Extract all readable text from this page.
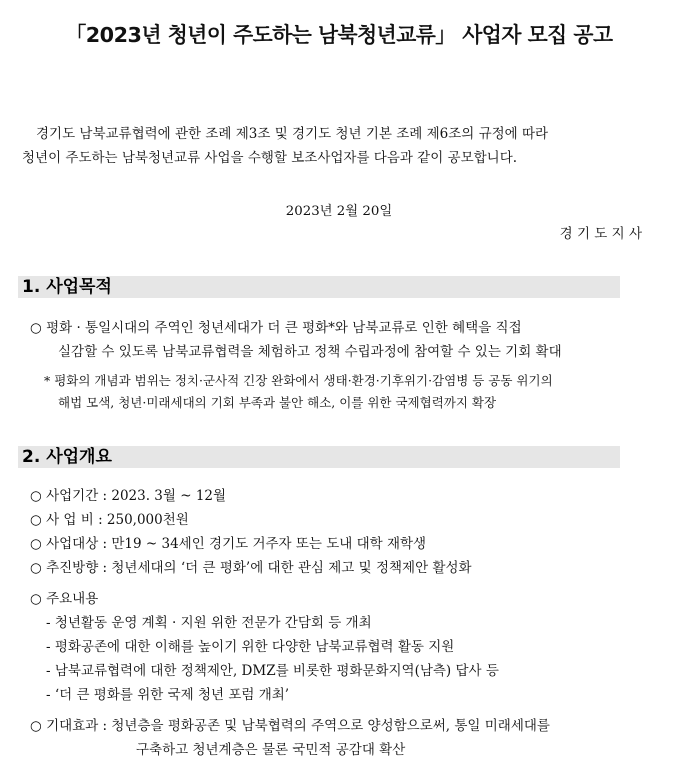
「2023년 청년이 주도하는 남북청년교류」 사업자 모집 공고
경기도 남북교류협력에 관한 조례 제3조 및 경기도 청년 기본 조례 제6조의 규정에 따라
청년이 주도하는 남북청년교류 사업을 수행할 보조사업자를 다음과 같이 공모합니다.
2023년 2월 20일
경 기 도 지 사
1. 사업목적
○ 평화 · 통일시대의 주역인 청년세대가 더 큰 평화*와 남북교류로 인한 혜택을 직접
실감할 수 있도록 남북교류협력을 체험하고 정책 수립과정에 참여할 수 있는 기회 확대
* 평화의 개념과 범위는 정치·군사적 긴장 완화에서 생태·환경·기후위기·감염병 등 공동 위기의
해법 모색, 청년·미래세대의 기회 부족과 불안 해소, 이를 위한 국제협력까지 확장
2. 사업개요
○ 사업기간 : 2023. 3월 ~ 12월
○ 사 업 비 : 250,000천원
○ 사업대상 : 만19 ~ 34세인 경기도 거주자 또는 도내 대학 재학생
○ 추진방향 : 청년세대의 ‘더 큰 평화’에 대한 관심 제고 및 정책제안 활성화
○ 주요내용
- 청년활동 운영 계획 · 지원 위한 전문가 간담회 등 개최
- 평화공존에 대한 이해를 높이기 위한 다양한 남북교류협력 활동 지원
- 남북교류협력에 대한 정책제안, DMZ를 비롯한 평화문화지역(남측) 답사 등
- ‘더 큰 평화를 위한 국제 청년 포럼 개최’
○ 기대효과 : 청년층을 평화공존 및 남북협력의 주역으로 양성함으로써, 통일 미래세대를
구축하고 청년계층은 물론 국민적 공감대 확산
